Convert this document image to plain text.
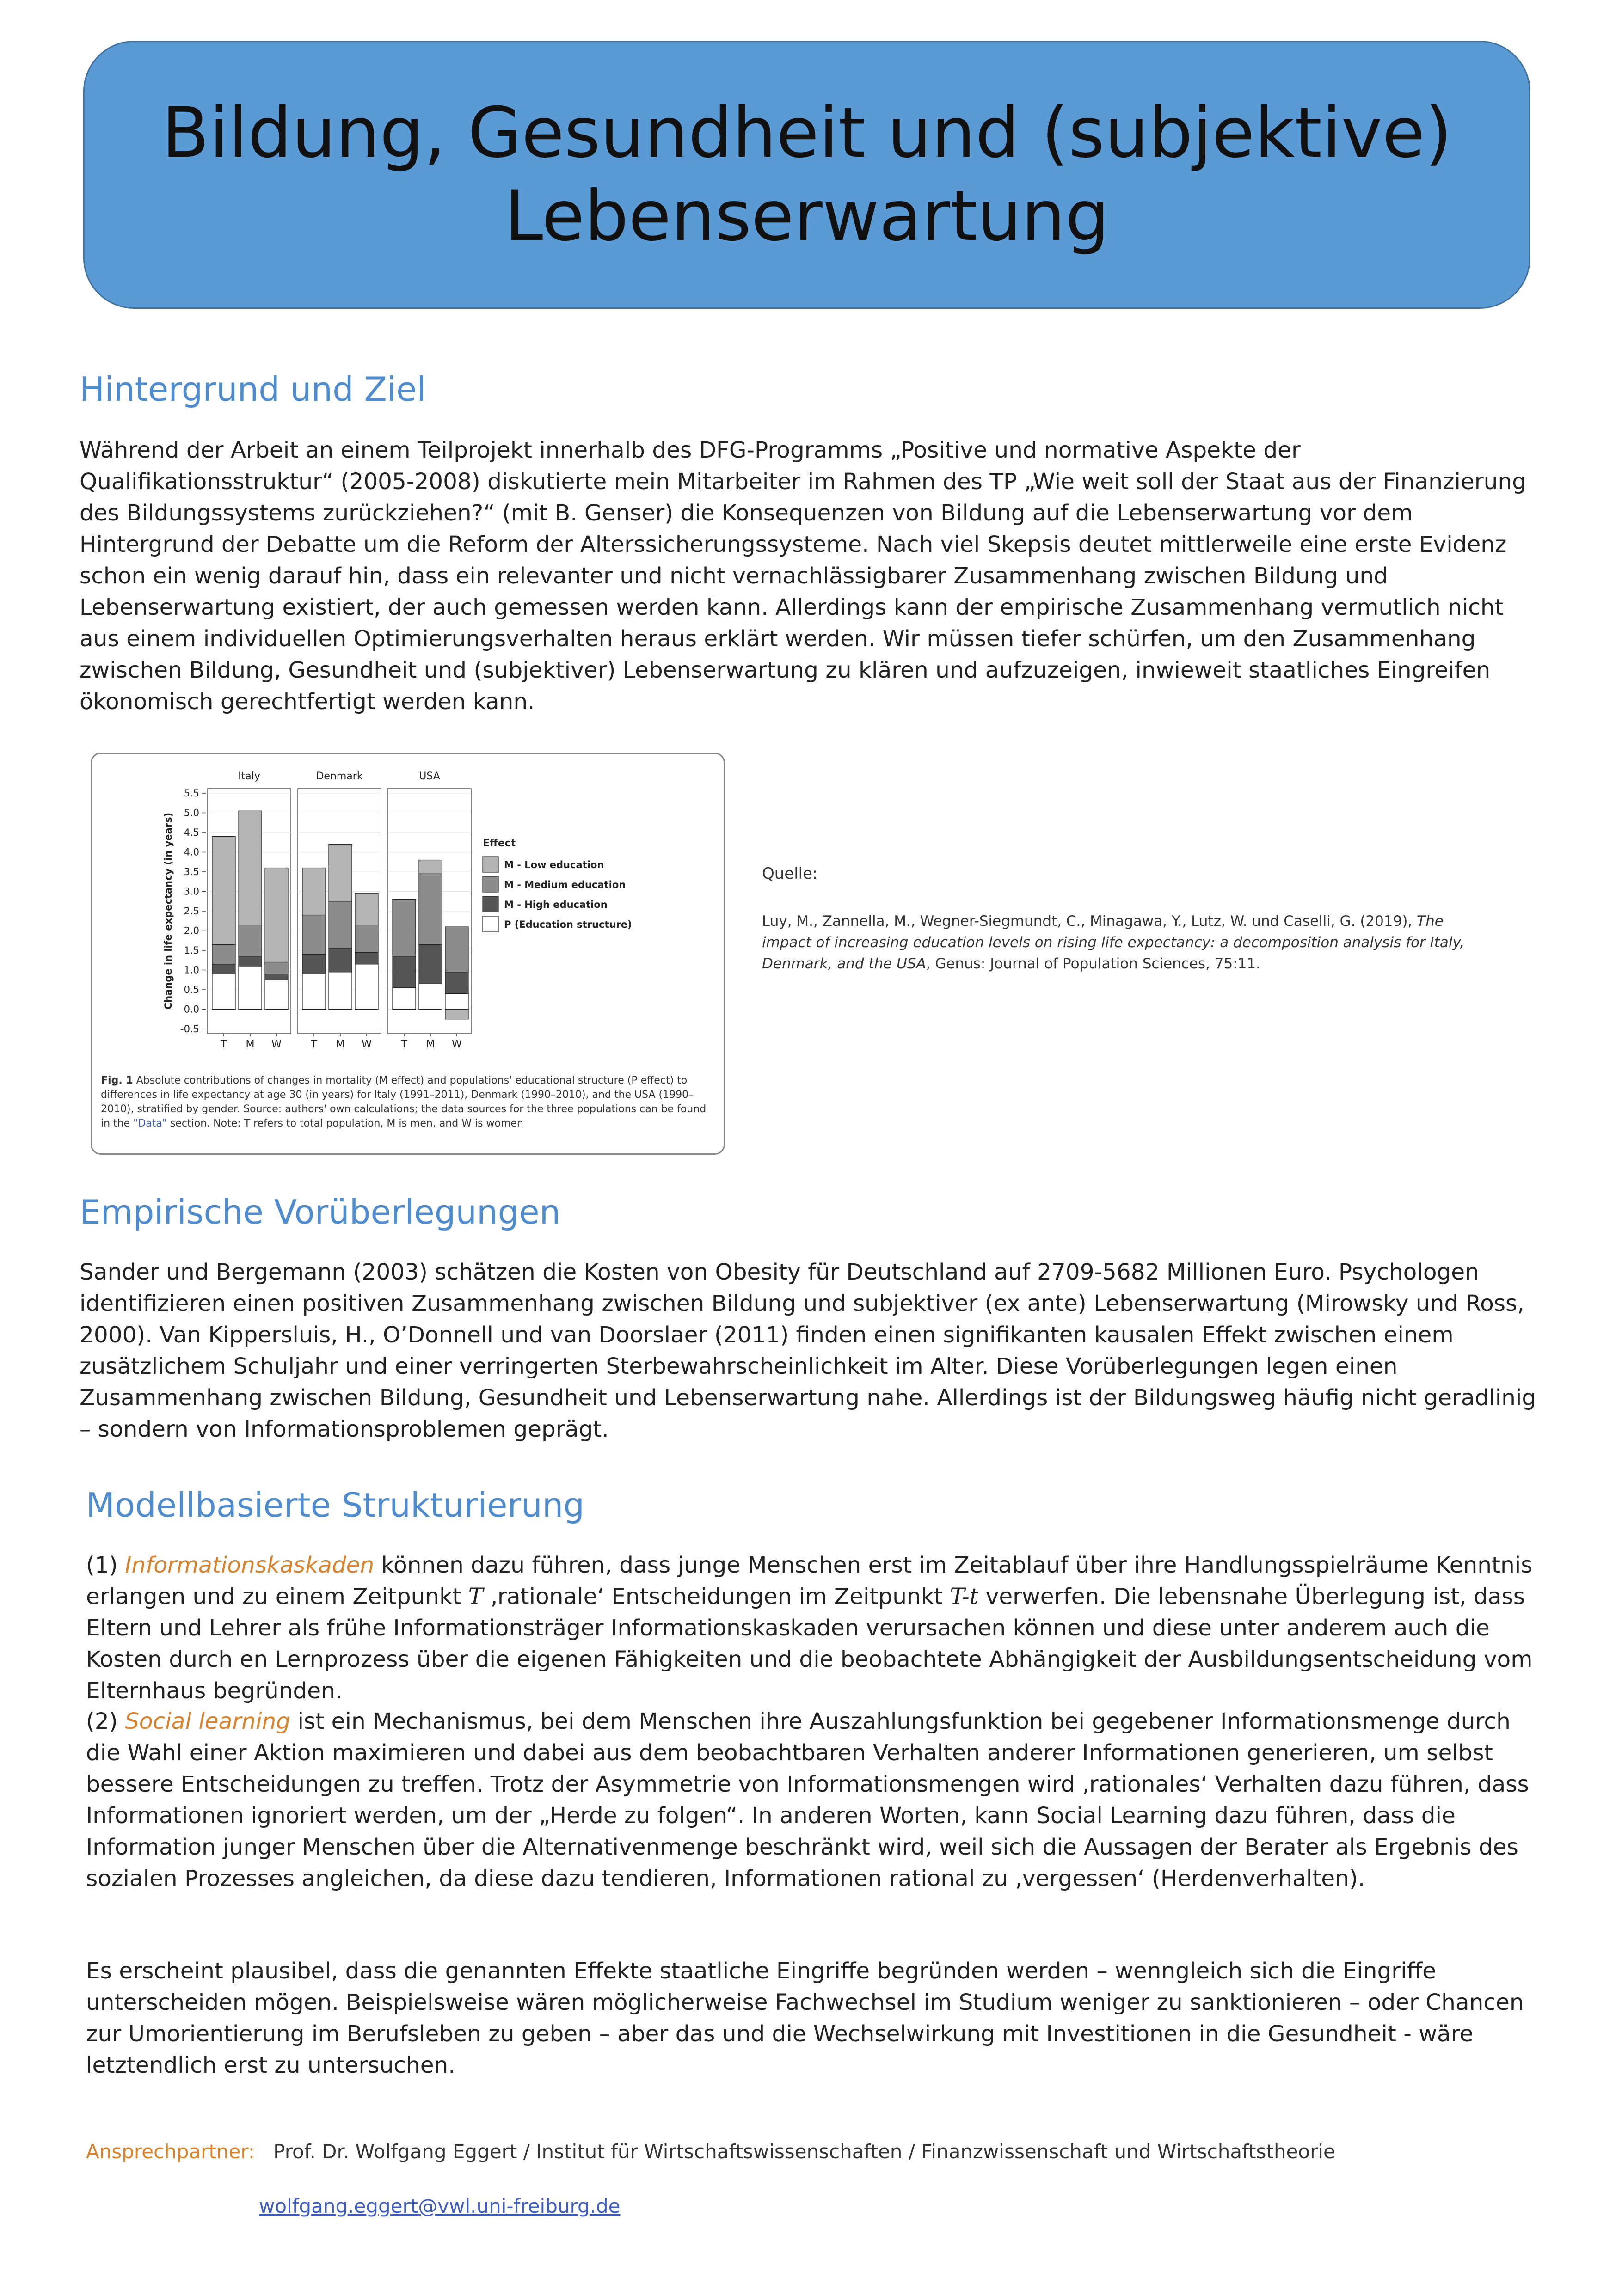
Bildung, Gesundheit und (subjektive)
Lebenserwartung
Hintergrund und Ziel

Während der Arbeit an einem Teilprojekt innerhalb des DFG-Programms „Positive und normative Aspekte der Qualifikationsstruktur“ (2005-2008) diskutierte mein Mitarbeiter im Rahmen des TP „Wie weit soll der Staat aus der Finanzierung des Bildungssystems zurückziehen?“ (mit B. Genser) die Konsequenzen von Bildung auf die Lebenserwartung vor dem Hintergrund der Debatte um die Reform der Alterssicherungssysteme. Nach viel Skepsis deutet mittlerweile eine erste Evidenz schon ein wenig darauf hin, dass ein relevanter und nicht vernachlässigbarer Zusammenhang zwischen Bildung und Lebenserwartung existiert, der auch gemessen werden kann. Allerdings kann der empirische Zusammenhang vermutlich nicht aus einem individuellen Optimierungsverhalten heraus erklärt werden. Wir müssen tiefer schürfen, um den Zusammenhang zwischen Bildung, Gesundheit und (subjektiver) Lebenserwartung zu klären und aufzuzeigen, inwieweit staatliches Eingreifen ökonomisch gerechtfertigt werden kann.

5.5
5.0
4.5
4.0
3.5
3.0
2.5
2.0
1.5
1.0
0.5
0.0
-0.5
Change in life expectancy (in years)
Italy
T M W
Denmark
T M W
USA
T M W
Effect
M - Low education
M - Medium education
M - High education
P (Education structure)
Fig. 1 Absolute contributions of changes in mortality (M effect) and populations' educational structure (P effect) to differences in life expectancy at age 30 (in years) for Italy (1991–2011), Denmark (1990–2010), and the USA (1990–2010), stratified by gender. Source: authors' own calculations; the data sources for the three populations can be found in the "Data" section. Note: T refers to total population, M is men, and W is women
Quelle:
Luy, M., Zannella, M., Wegner-Siegmundt, C., Minagawa, Y., Lutz, W. und Caselli, G. (2019), The impact of increasing education levels on rising life expectancy: a decomposition analysis for Italy, Denmark, and the USA, Genus: Journal of Population Sciences, 75:11.
Empirische Vorüberlegungen

Sander und Bergemann (2003) schätzen die Kosten von Obesity für Deutschland auf 2709-5682 Millionen Euro. Psychologen identifizieren einen positiven Zusammenhang zwischen Bildung und subjektiver (ex ante) Lebenserwartung (Mirowsky und Ross, 2000). Van Kippersluis, H., O’Donnell und van Doorslaer (2011) finden einen signifikanten kausalen Effekt zwischen einem zusätzlichem Schuljahr und einer verringerten Sterbewahrscheinlichkeit im Alter. Diese Vorüberlegungen legen einen Zusammenhang zwischen Bildung, Gesundheit und Lebenserwartung nahe. Allerdings ist der Bildungsweg häufig nicht geradlinig – sondern von Informationsproblemen geprägt.

Modellbasierte Strukturierung

(1) Informationskaskaden können dazu führen, dass junge Menschen erst im Zeitablauf über ihre Handlungsspielräume Kenntnis erlangen und zu einem Zeitpunkt T ‚rationale‘ Entscheidungen im Zeitpunkt T-t verwerfen. Die lebensnahe Überlegung ist, dass Eltern und Lehrer als frühe Informationsträger Informationskaskaden verursachen können und diese unter anderem auch die Kosten durch en Lernprozess über die eigenen Fähigkeiten und die beobachtete Abhängigkeit der Ausbildungsentscheidung vom Elternhaus begründen.

(2) Social learning ist ein Mechanismus, bei dem Menschen ihre Auszahlungsfunktion bei gegebener Informationsmenge durch die Wahl einer Aktion maximieren und dabei aus dem beobachtbaren Verhalten anderer Informationen generieren, um selbst bessere Entscheidungen zu treffen. Trotz der Asymmetrie von Informationsmengen wird ‚rationales‘ Verhalten dazu führen, dass Informationen ignoriert werden, um der „Herde zu folgen“. In anderen Worten, kann Social Learning dazu führen, dass die Information junger Menschen über die Alternativenmenge beschränkt wird, weil sich die Aussagen der Berater als Ergebnis des sozialen Prozesses angleichen, da diese dazu tendieren, Informationen rational zu ‚vergessen‘ (Herdenverhalten).

Es erscheint plausibel, dass die genannten Effekte staatliche Eingriffe begründen werden – wenngleich sich die Eingriffe unterscheiden mögen. Beispielsweise wären möglicherweise Fachwechsel im Studium weniger zu sanktionieren – oder Chancen zur Umorientierung im Berufsleben zu geben – aber das und die Wechselwirkung mit Investitionen in die Gesundheit - wäre letztendlich erst zu untersuchen.

Ansprechpartner: Prof. Dr. Wolfgang Eggert / Institut für Wirtschaftswissenschaften / Finanzwissenschaft und Wirtschaftstheorie
wolfgang.eggert@vwl.uni-freiburg.de
